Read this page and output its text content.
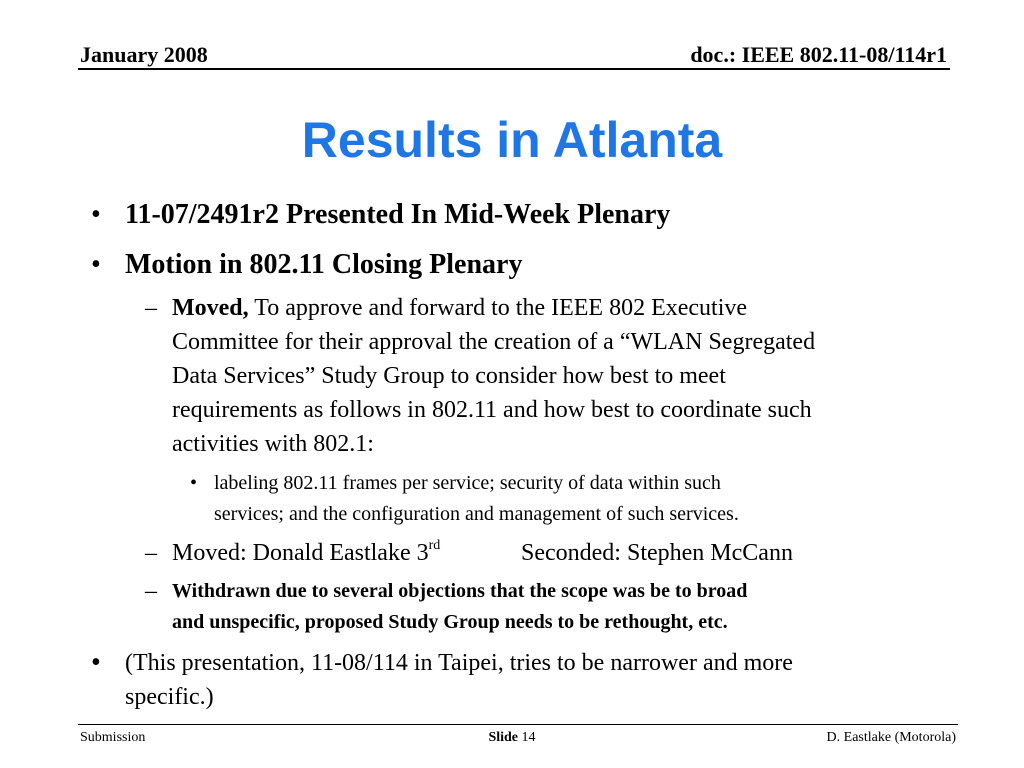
January 2008	doc.: IEEE 802.11-08/114r1
Results in Atlanta
• 11-07/2491r2 Presented In Mid-Week Plenary
• Motion in 802.11 Closing Plenary
– Moved, To approve and forward to the IEEE 802 Executive
Committee for their approval the creation of a “WLAN Segregated
Data Services” Study Group to consider how best to meet
requirements as follows in 802.11 and how best to coordinate such
activities with 802.1:
• labeling 802.11 frames per service; security of data within such
services; and the configuration and management of such services.
– Moved: Donald Eastlake 3rd	Seconded: Stephen McCann
– Withdrawn due to several objections that the scope was be to broad
and unspecific, proposed Study Group needs to be rethought, etc.
• (This presentation, 11-08/114 in Taipei, tries to be narrower and more
specific.)
Submission	Slide 14	D. Eastlake (Motorola)
